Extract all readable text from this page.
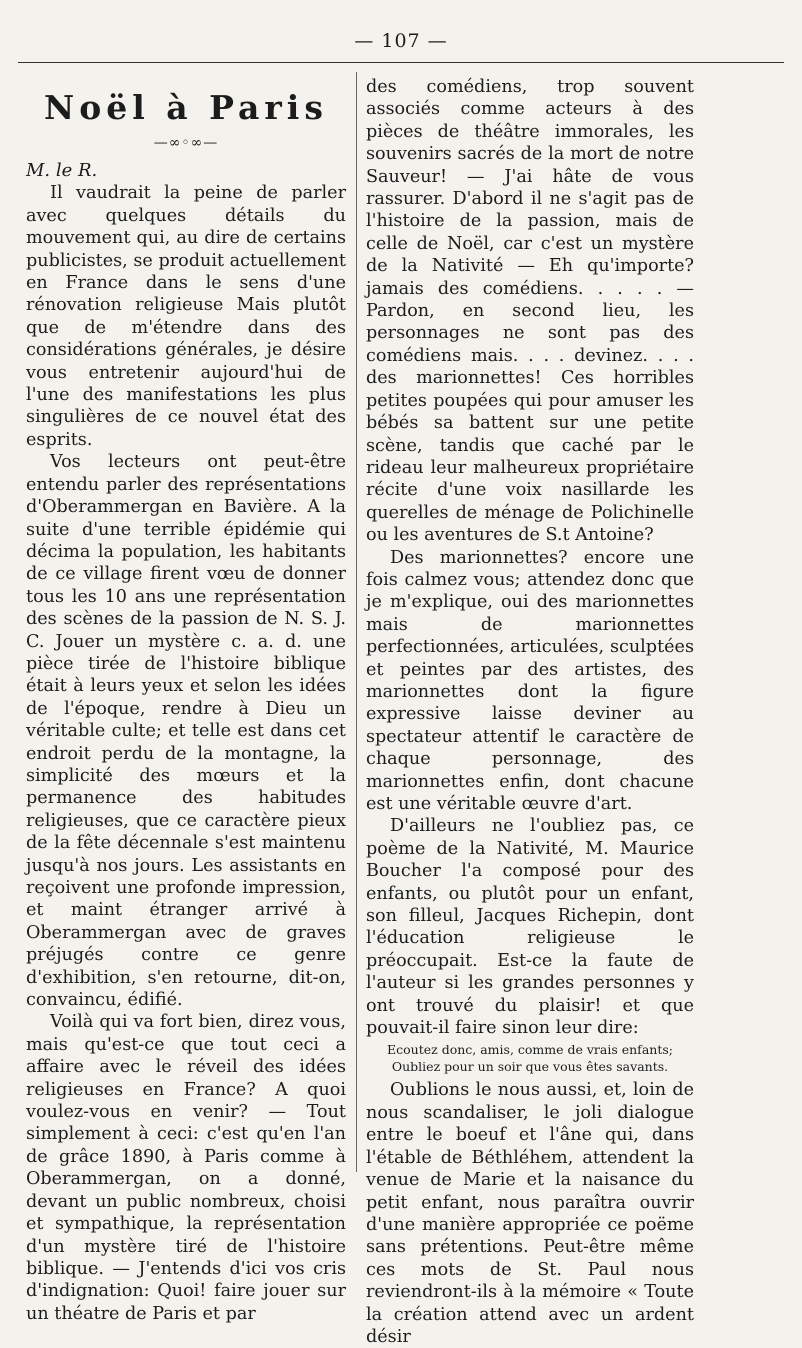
— 107 —
Noël à Paris
—∞◦∞—

M. le R.

Il vaudrait la peine de parler avec quelques détails du mouvement qui, au dire de certains publicistes, se produit actuellement en France dans le sens d'une rénovation religieuse Mais plutôt que de m'étendre dans des considérations générales, je désire vous entretenir aujourd'hui de l'une des manifestations les plus singulières de ce nouvel état des esprits.

Vos lecteurs ont peut-être entendu parler des représentations d'Oberammergan en Bavière. A la suite d'une terrible épidémie qui décima la population, les habitants de ce village firent vœu de donner tous les 10 ans une représentation des scènes de la passion de N. S. J. C. Jouer un mystère c. a. d. une pièce tirée de l'histoire biblique était à leurs yeux et selon les idées de l'époque, rendre à Dieu un véritable culte; et telle est dans cet endroit perdu de la montagne, la simplicité des mœurs et la permanence des habitudes religieuses, que ce caractère pieux de la fête décennale s'est maintenu jusqu'à nos jours. Les assistants en reçoivent une profonde impression, et maint étranger arrivé à Oberammergan avec de graves préjugés contre ce genre d'exhibition, s'en retourne, dit-on, convaincu, édifié.

Voilà qui va fort bien, direz vous, mais qu'est-ce que tout ceci a affaire avec le réveil des idées religieuses en France? A quoi voulez-vous en venir? — Tout simplement à ceci: c'est qu'en l'an de grâce 1890, à Paris comme à Oberammergan, on a donné, devant un public nombreux, choisi et sympathique, la représentation d'un mystère tiré de l'histoire biblique. — J'entends d'ici vos cris d'indignation: Quoi! faire jouer sur un théatre de Paris et par

des comédiens, trop souvent associés comme acteurs à des pièces de théâtre immorales, les souvenirs sacrés de la mort de notre Sauveur! — J'ai hâte de vous rassurer. D'abord il ne s'agit pas de l'histoire de la passion, mais de celle de Noël, car c'est un mystère de la Nativité — Eh qu'importe? jamais des comédiens. . . . . — Pardon, en second lieu, les personnages ne sont pas des comédiens mais. . . . devinez. . . . des marionnettes! Ces horribles petites poupées qui pour amuser les bébés sa battent sur une petite scène, tandis que caché par le rideau leur malheureux propriétaire récite d'une voix nasillarde les querelles de ménage de Polichinelle ou les aventures de S.t Antoine?

Des marionnettes? encore une fois calmez vous; attendez donc que je m'explique, oui des marionnettes mais de marionnettes perfectionnées, articulées, sculptées et peintes par des artistes, des marionnettes dont la figure expressive laisse deviner au spectateur attentif le caractère de chaque personnage, des marionnettes enfin, dont chacune est une véritable œuvre d'art.

D'ailleurs ne l'oubliez pas, ce poème de la Nativité, M. Maurice Boucher l'a composé pour des enfants, ou plutôt pour un enfant, son filleul, Jacques Richepin, dont l'éducation religieuse le préoccupait. Est-ce la faute de l'auteur si les grandes personnes y ont trouvé du plaisir! et que pouvait-il faire sinon leur dire:

Ecoutez donc, amis, comme de vrais enfants;
Oubliez pour un soir que vous êtes savants.

Oublions le nous aussi, et, loin de nous scandaliser, le joli dialogue entre le boeuf et l'âne qui, dans l'étable de Béthléhem, attendent la venue de Marie et la naisance du petit enfant, nous paraîtra ouvrir d'une manière appropriée ce poëme sans prétentions. Peut-être même ces mots de St. Paul nous reviendront-ils à la mémoire « Toute la création attend avec un ardent désir
